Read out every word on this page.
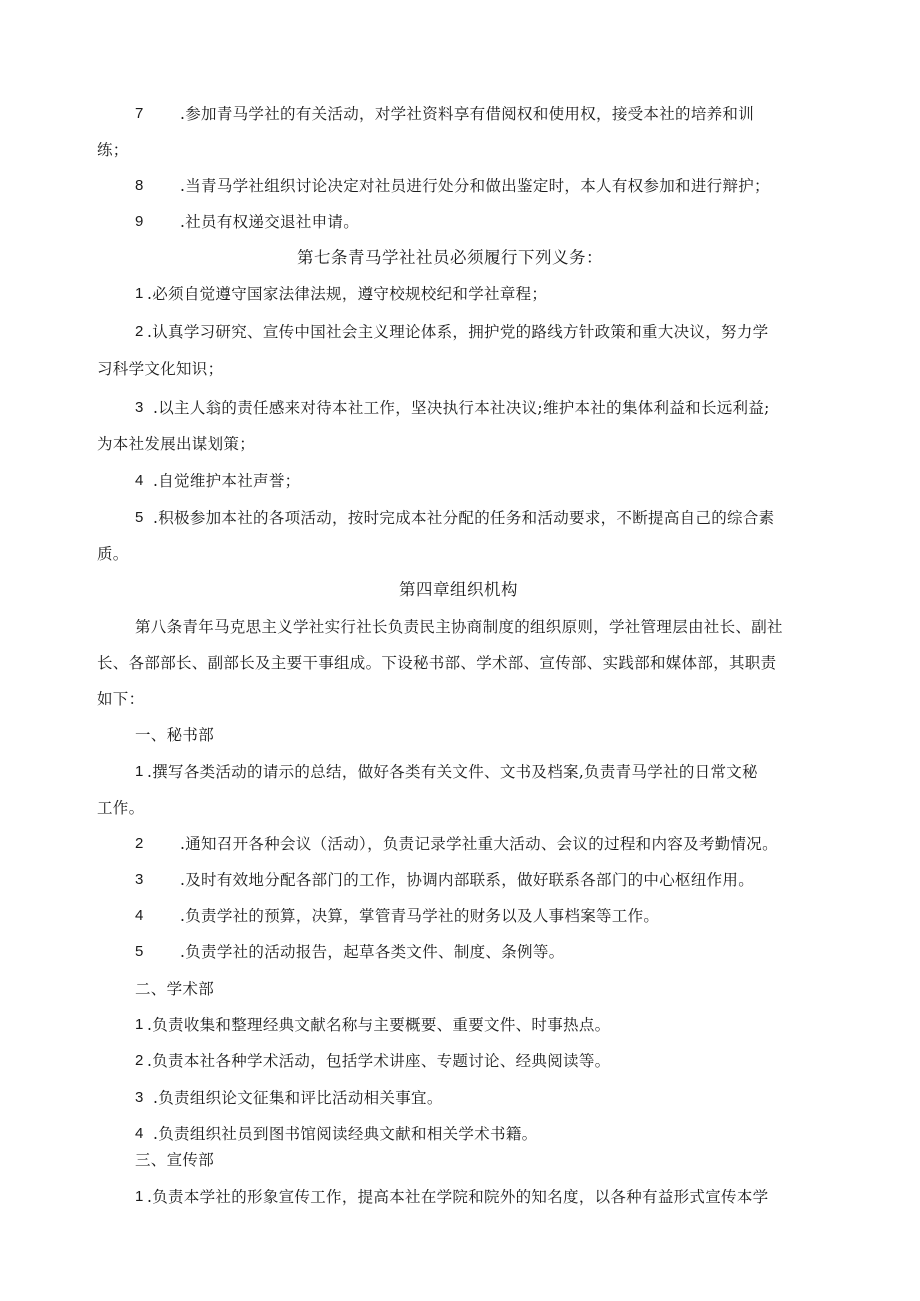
7 .参加青马学社的有关活动，对学社资料享有借阅权和使用权，接受本社的培养和训
练；
8 .当青马学社组织讨论决定对社员进行处分和做出鉴定时，本人有权参加和进行辩护；
9 .社员有权递交退社申请。
第七条青马学社社员必须履行下列义务：
1 .必须自觉遵守国家法律法规，遵守校规校纪和学社章程；
2 .认真学习研究、宣传中国社会主义理论体系，拥护党的路线方针政策和重大决议，努力学
习科学文化知识；
3 .以主人翁的责任感来对待本社工作，坚决执行本社决议;维护本社的集体利益和长远利益;
为本社发展出谋划策；
4 .自觉维护本社声誉；
5 .积极参加本社的各项活动，按时完成本社分配的任务和活动要求，不断提高自己的综合素
质。
第四章组织机构
第八条青年马克思主义学社实行社长负责民主协商制度的组织原则，学社管理层由社长、副社
长、各部部长、副部长及主要干事组成。下设秘书部、学术部、宣传部、实践部和媒体部，其职责
如下：
一、秘书部
1 .撰写各类活动的请示的总结，做好各类有关文件、文书及档案,负责青马学社的日常文秘
工作。
2 .通知召开各种会议（活动），负责记录学社重大活动、会议的过程和内容及考勤情况。
3 .及时有效地分配各部门的工作，协调内部联系，做好联系各部门的中心枢纽作用。
4 .负责学社的预算，决算，掌管青马学社的财务以及人事档案等工作。
5 .负责学社的活动报告，起草各类文件、制度、条例等。
二、学术部
1 .负责收集和整理经典文献名称与主要概要、重要文件、时事热点。
2 .负责本社各种学术活动，包括学术讲座、专题讨论、经典阅读等。
3 .负责组织论文征集和评比活动相关事宜。
4 .负责组织社员到图书馆阅读经典文献和相关学术书籍。
三、宣传部
1 .负责本学社的形象宣传工作，提高本社在学院和院外的知名度，以各种有益形式宣传本学
